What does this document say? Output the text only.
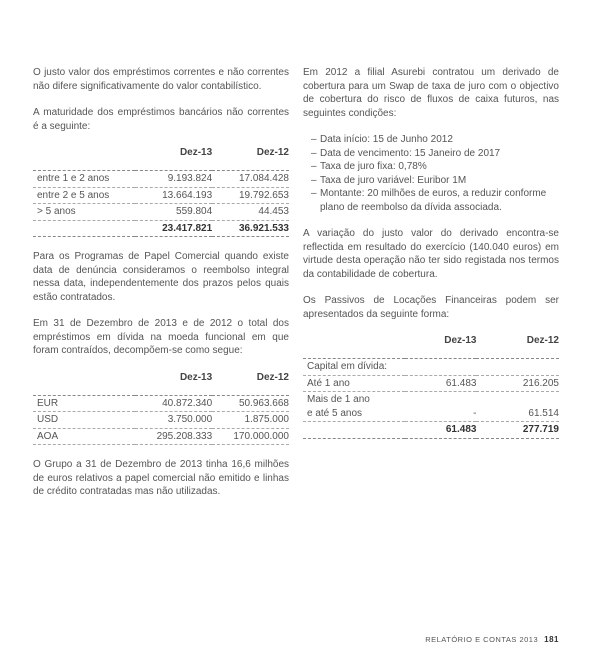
O justo valor dos empréstimos correntes e não correntes não difere significativamente do valor contabilístico.

A maturidade dos empréstimos bancários não correntes é a seguinte:

	Dez-13	Dez-12

entre 1 e 2 anos	9.193.824	17.084.428
entre 2 e 5 anos	13.664.193	19.792.653
> 5 anos	559.804	44.453
	23.417.821	36.921.533

Para os Programas de Papel Comercial quando existe data de denúncia consideramos o reembolso integral nessa data, independentemente dos prazos pelos quais estão contratados.

Em 31 de Dezembro de 2013 e de 2012 o total dos empréstimos em dívida na moeda funcional em que foram contraídos, decompõem-se como segue:

	Dez-13	Dez-12

EUR	40.872.340	50.963.668
USD	3.750.000	1.875.000
AOA	295.208.333	170.000.000

O Grupo a 31 de Dezembro de 2013 tinha 16,6 milhões de euros relativos a papel comercial não emitido e linhas de crédito contratadas mas não utilizadas.

Em 2012 a filial Asurebi contratou um derivado de cobertura para um Swap de taxa de juro com o objectivo de cobertura do risco de fluxos de caixa futuros, nas seguintes condições:

– Data início: 15 de Junho 2012
– Data de vencimento: 15 Janeiro de 2017
– Taxa de juro fixa: 0,78%
– Taxa de juro variável: Euribor 1M
– Montante: 20 milhões de euros, a reduzir conforme plano de reembolso da dívida associada.

A variação do justo valor do derivado encontra-se reflectida em resultado do exercício (140.040 euros) em virtude desta operação não ter sido registada nos termos da contabilidade de cobertura.

Os Passivos de Locações Financeiras podem ser apresentados da seguinte forma:

	Dez-13	Dez-12

Capital em dívida:		
Até 1 ano	61.483	216.205
Mais de 1 ano
e até 5 anos	-	61.514
	61.483	277.719
RELATÓRIO E CONTAS 2013 181
